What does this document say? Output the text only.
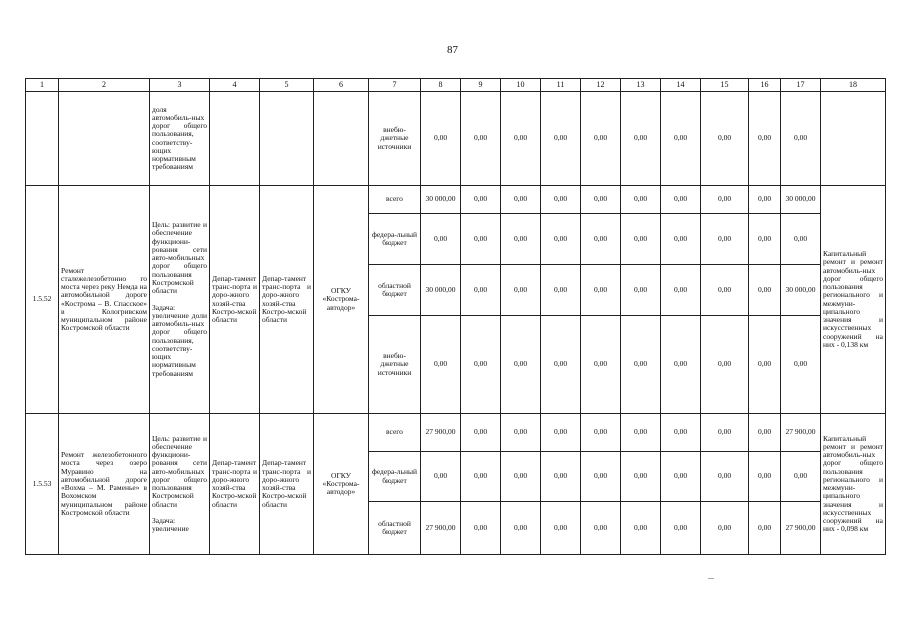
87
1	2	3	4	5	6	7	8	9	10	11	12	13	14	15	16	17	18
		доля автомобиль-ных дорог общего пользования, соответству-ющих нормативным требованиям				внебю-джетные источники	0,00	0,00	0,00	0,00	0,00	0,00	0,00	0,00	0,00	0,00	
1.5.52	Ремонт сталежелезобетонно го моста через реку Немда на автомобильной дороге «Кострома – В. Спасское» в Кологривском муниципальном районе Костромской области	Цель: развитие и обеспечение функциони-рования сети авто-мобильных дорог общего пользования Костромской области

Задача: увеличение доли автомобиль-ных дорог общего пользования, соответству-ющих нормативным требованиям	Депар-тамент транс-порта и доро-жного хозяй-ства Костро-мской области	Депар-тамент транс-порта и доро-жного хозяй-ства Костро-мской области	ОГКУ «Кострома-автодор»	всего	30 000,00	0,00	0,00	0,00	0,00	0,00	0,00	0,00	0,00	30 000,00	Капитальный ремонт и ремонт автомобиль-ных дорог общего пользования регионального и межмуни-ципального значения и искусственных сооружений на них - 0,138 км
						федера-льный бюджет	0,00	0,00	0,00	0,00	0,00	0,00	0,00	0,00	0,00	0,00	
						областной бюджет	30 000,00	0,00	0,00	0,00	0,00	0,00	0,00	0,00	0,00	30 000,00	
						внебю-джетные источники	0,00	0,00	0,00	0,00	0,00	0,00	0,00	0,00	0,00	0,00	
1.5.53	Ремонт железобетонного моста через озеро Муравино на автомобильной дороге «Вохма – М. Раменье» в Вохомском муниципальном районе Костромской области	Цель: развитие и обеспечение функциони-рования сети авто-мобильных дорог общего пользования Костромской области

Задача: увеличение	Депар-тамент транс-порта и доро-жного хозяй-ства Костро-мской области	Депар-тамент транс-порта и доро-жного хозяй-ства Костро-мской области	ОГКУ «Кострома-автодор»	всего	27 900,00	0,00	0,00	0,00	0,00	0,00	0,00	0,00	0,00	27 900,00	Капитальный ремонт и ремонт автомобиль-ных дорог общего пользования регионального и межмуни-ципального значения и искусственных сооружений на них - 0,098 км
						федера-льный бюджет	0,00	0,00	0,00	0,00	0,00	0,00	0,00	0,00	0,00	0,00	
						областной бюджет	27 900,00	0,00	0,00	0,00	0,00	0,00	0,00	0,00	0,00	27 900,00	
